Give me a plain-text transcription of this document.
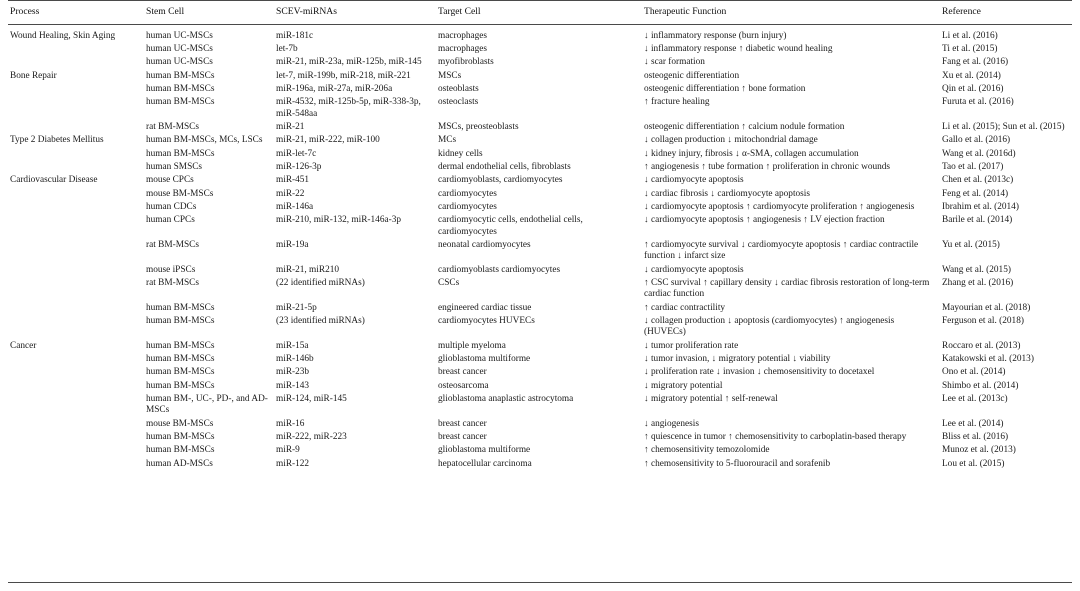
Process	Stem Cell	SCEV-miRNAs	Target Cell	Therapeutic Function	Reference
Wound Healing, Skin Aging	human UC-MSCs	miR-181c	macrophages	↓ inflammatory response (burn injury)	Li et al. (2016)
	human UC-MSCs	let-7b	macrophages	↓ inflammatory response ↑ diabetic wound healing	Ti et al. (2015)
	human UC-MSCs	miR-21, miR-23a, miR-125b, miR-145	myofibroblasts	↓ scar formation	Fang et al. (2016)
Bone Repair	human BM-MSCs	let-7, miR-199b, miR-218, miR-221	MSCs	osteogenic differentiation	Xu et al. (2014)
	human BM-MSCs	miR-196a, miR-27a, miR-206a	osteoblasts	osteogenic differentiation ↑ bone formation	Qin et al. (2016)
	human BM-MSCs	miR-4532, miR-125b-5p, miR-338-3p, miR-548aa	osteoclasts	↑ fracture healing	Furuta et al. (2016)
	rat BM-MSCs	miR-21	MSCs, preosteoblasts	osteogenic differentiation ↑ calcium nodule formation	Li et al. (2015); Sun et al. (2015)
Type 2 Diabetes Mellitus	human BM-MSCs, MCs, LSCs	miR-21, miR-222, miR-100	MCs	↓ collagen production ↓ mitochondrial damage	Gallo et al. (2016)
	human BM-MSCs	miR-let-7c	kidney cells	↓ kidney injury, fibrosis ↓ α-SMA, collagen accumulation	Wang et al. (2016d)
	human SMSCs	miR-126-3p	dermal endothelial cells, fibroblasts	↑ angiogenesis ↑ tube formation ↑ proliferation in chronic wounds	Tao et al. (2017)
Cardiovascular Disease	mouse CPCs	miR-451	cardiomyoblasts, cardiomyocytes	↓ cardiomyocyte apoptosis	Chen et al. (2013c)
	mouse BM-MSCs	miR-22	cardiomyocytes	↓ cardiac fibrosis ↓ cardiomyocyte apoptosis	Feng et al. (2014)
	human CDCs	miR-146a	cardiomyocytes	↓ cardiomyocyte apoptosis ↑ cardiomyocyte proliferation ↑ angiogenesis	Ibrahim et al. (2014)
	human CPCs	miR-210, miR-132, miR-146a-3p	cardiomyocytic cells, endothelial cells, cardiomyocytes	↓ cardiomyocyte apoptosis ↑ angiogenesis ↑ LV ejection fraction	Barile et al. (2014)
	rat BM-MSCs	miR-19a	neonatal cardiomyocytes	↑ cardiomyocyte survival ↓ cardiomyocyte apoptosis ↑ cardiac contractile function ↓ infarct size	Yu et al. (2015)
	mouse iPSCs	miR-21, miR210	cardiomyoblasts cardiomyocytes	↓ cardiomyocyte apoptosis	Wang et al. (2015)
	rat BM-MSCs	(22 identified miRNAs)	CSCs	↑ CSC survival ↑ capillary density ↓ cardiac fibrosis restoration of long-term cardiac function	Zhang et al. (2016)
	human BM-MSCs	miR-21-5p	engineered cardiac tissue	↑ cardiac contractility	Mayourian et al. (2018)
	human BM-MSCs	(23 identified miRNAs)	cardiomyocytes HUVECs	↓ collagen production ↓ apoptosis (cardiomyocytes) ↑ angiogenesis (HUVECs)	Ferguson et al. (2018)
Cancer	human BM-MSCs	miR-15a	multiple myeloma	↓ tumor proliferation rate	Roccaro et al. (2013)
	human BM-MSCs	miR-146b	glioblastoma multiforme	↓ tumor invasion, ↓ migratory potential ↓ viability	Katakowski et al. (2013)
	human BM-MSCs	miR-23b	breast cancer	↓ proliferation rate ↓ invasion ↓ chemosensitivity to docetaxel	Ono et al. (2014)
	human BM-MSCs	miR-143	osteosarcoma	↓ migratory potential	Shimbo et al. (2014)
	human BM-, UC-, PD-, and AD-MSCs	miR-124, miR-145	glioblastoma anaplastic astrocytoma	↓ migratory potential ↑ self-renewal	Lee et al. (2013c)
	mouse BM-MSCs	miR-16	breast cancer	↓ angiogenesis	Lee et al. (2014)
	human BM-MSCs	miR-222, miR-223	breast cancer	↑ quiescence in tumor ↑ chemosensitivity to carboplatin-based therapy	Bliss et al. (2016)
	human BM-MSCs	miR-9	glioblastoma multiforme	↑ chemosensitivity temozolomide	Munoz et al. (2013)
	human AD-MSCs	miR-122	hepatocellular carcinoma	↑ chemosensitivity to 5-fluorouracil and sorafenib	Lou et al. (2015)
